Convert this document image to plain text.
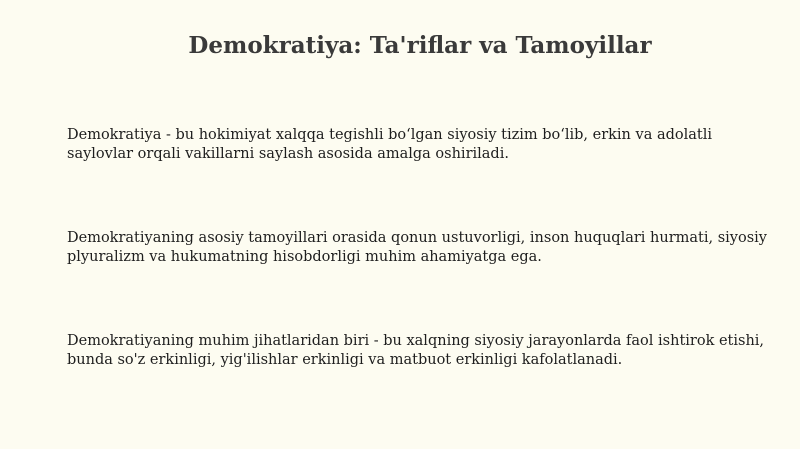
Demokratiya: Ta'riflar va Tamoyillar

Demokratiya - bu hokimiyat xalqqa tegishli bo‘lgan siyosiy tizim bo‘lib, erkin va adolatli saylovlar orqali vakillarni saylash asosida amalga oshiriladi.

Demokratiyaning asosiy tamoyillari orasida qonun ustuvorligi, inson huquqlari hurmati, siyosiy plyuralizm va hukumatning hisobdorligi muhim ahamiyatga ega.

Demokratiyaning muhim jihatlaridan biri - bu xalqning siyosiy jarayonlarda faol ishtirok etishi, bunda so'z erkinligi, yig'ilishlar erkinligi va matbuot erkinligi kafolatlanadi.
